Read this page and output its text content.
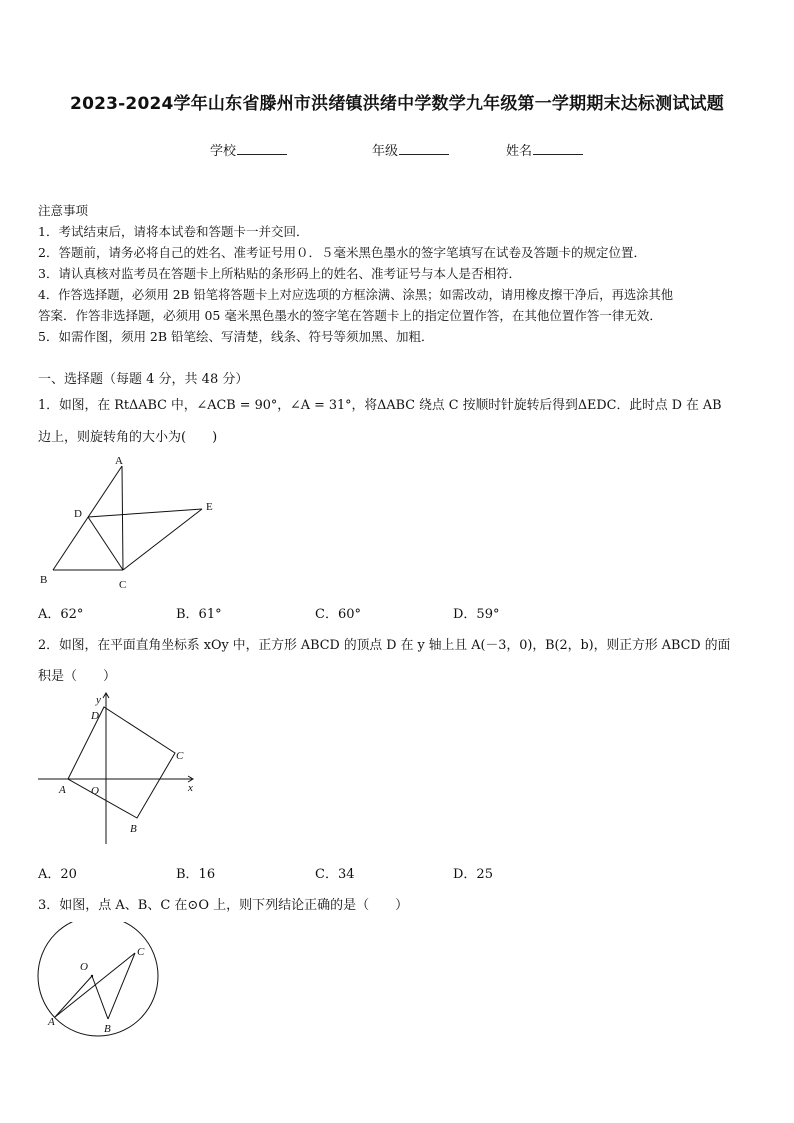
2023-2024学年山东省滕州市洪绪镇洪绪中学数学九年级第一学期期末达标测试试题
学校	年级	姓名
注意事项
1．考试结束后，请将本试卷和答题卡一并交回．
2．答题前，请务必将自己的姓名、准考证号用０．５毫米黑色墨水的签字笔填写在试卷及答题卡的规定位置．
3．请认真核对监考员在答题卡上所粘贴的条形码上的姓名、准考证号与本人是否相符．
4．作答选择题，必须用 2B 铅笔将答题卡上对应选项的方框涂满、涂黑；如需改动，请用橡皮擦干净后，再选涂其他
答案．作答非选择题，必须用 05 毫米黑色墨水的签字笔在答题卡上的指定位置作答，在其他位置作答一律无效．
5．如需作图，须用 2B 铅笔绘、写清楚，线条、符号等须加黑、加粗．
一、选择题（每题 4 分，共 48 分）
1．如图，在 RtΔABC 中，∠ACB = 90°，∠A = 31°，将ΔABC 绕点 C 按顺时针旋转后得到ΔEDC．此时点 D 在 AB
边上，则旋转角的大小为(　　)
A
D
E
B	C
A．62°	B．61°	C．60°	D．59°
2．如图，在平面直角坐标系 xOy 中，正方形 ABCD 的顶点 D 在 y 轴上且 A(－3，0)，B(2，b)，则正方形 ABCD 的面
积是（　　）
y
D
C
x
A O
B
A．20	B．16	C．34	D．25
3．如图，点 A、B、C 在⊙O 上，则下列结论正确的是（　　）
O
C
A
B
